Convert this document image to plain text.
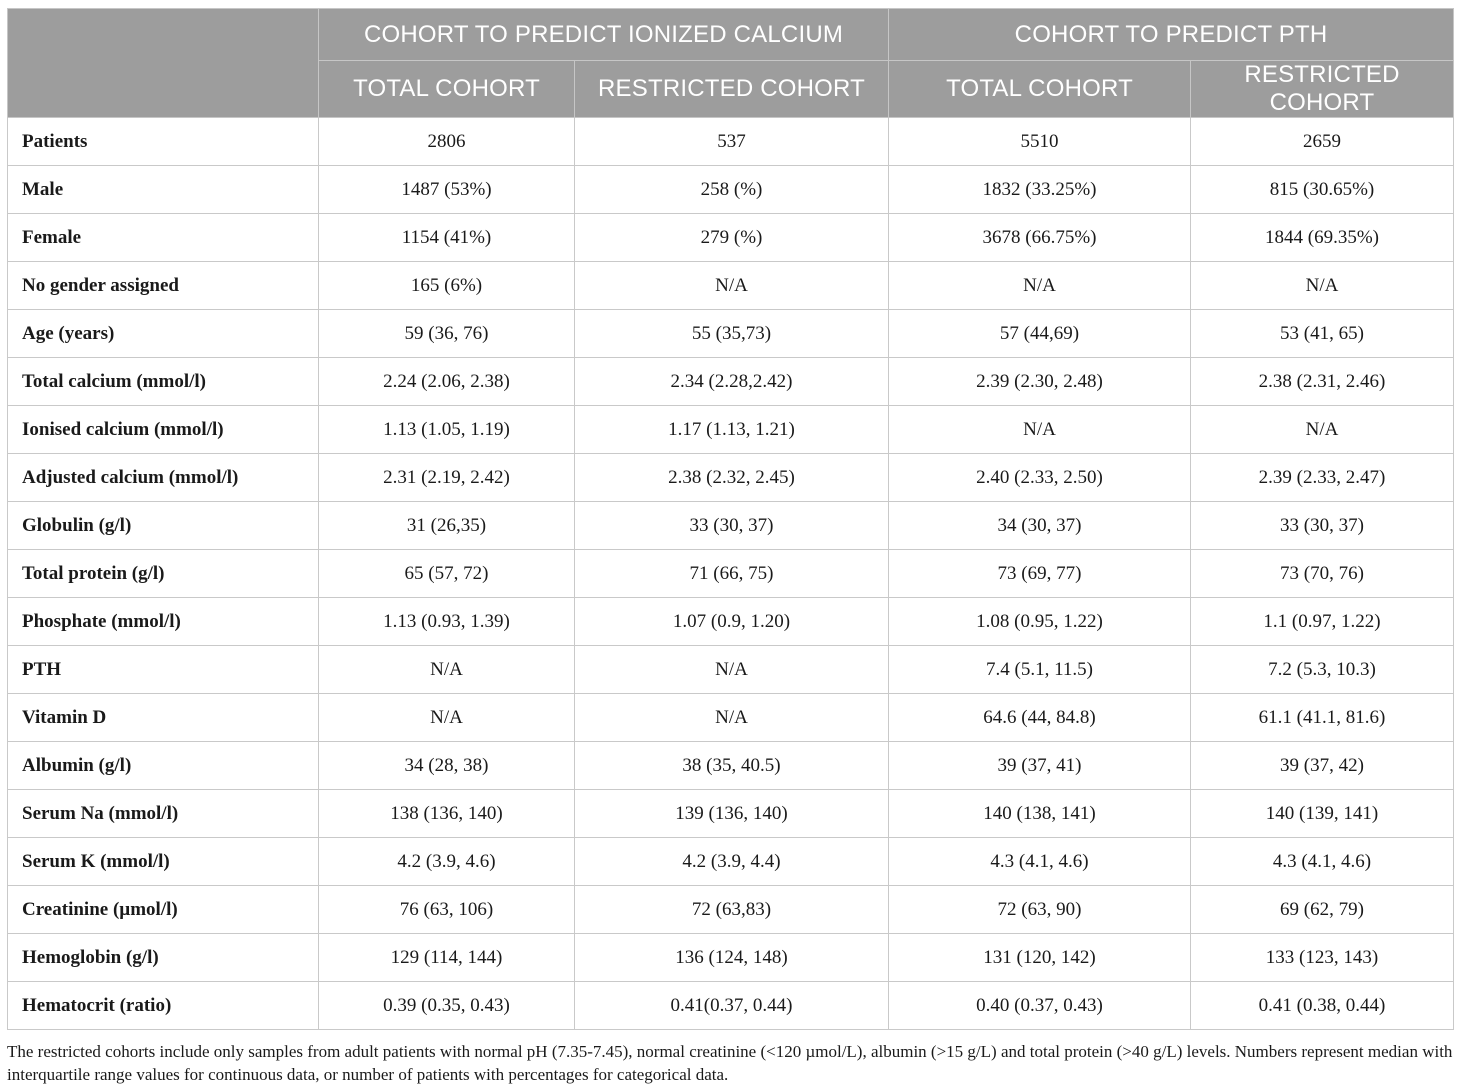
	COHORT TO PREDICT IONIZED CALCIUM		COHORT TO PREDICT PTH	
	TOTAL COHORT	RESTRICTED COHORT	TOTAL COHORT	RESTRICTED COHORT
Patients	2806	537	5510	2659
Male	1487 (53%)	258 (%)	1832 (33.25%)	815 (30.65%)
Female	1154 (41%)	279 (%)	3678 (66.75%)	1844 (69.35%)
No gender assigned	165 (6%)	N/A	N/A	N/A
Age (years)	59 (36, 76)	55 (35,73)	57 (44,69)	53 (41, 65)
Total calcium (mmol/l)	2.24 (2.06, 2.38)	2.34 (2.28,2.42)	2.39 (2.30, 2.48)	2.38 (2.31, 2.46)
Ionised calcium (mmol/l)	1.13 (1.05, 1.19)	1.17 (1.13, 1.21)	N/A	N/A
Adjusted calcium (mmol/l)	2.31 (2.19, 2.42)	2.38 (2.32, 2.45)	2.40 (2.33, 2.50)	2.39 (2.33, 2.47)
Globulin (g/l)	31 (26,35)	33 (30, 37)	34 (30, 37)	33 (30, 37)
Total protein (g/l)	65 (57, 72)	71 (66, 75)	73 (69, 77)	73 (70, 76)
Phosphate (mmol/l)	1.13 (0.93, 1.39)	1.07 (0.9, 1.20)	1.08 (0.95, 1.22)	1.1 (0.97, 1.22)
PTH	N/A	N/A	7.4 (5.1, 11.5)	7.2 (5.3, 10.3)
Vitamin D	N/A	N/A	64.6 (44, 84.8)	61.1 (41.1, 81.6)
Albumin (g/l)	34 (28, 38)	38 (35, 40.5)	39 (37, 41)	39 (37, 42)
Serum Na (mmol/l)	138 (136, 140)	139 (136, 140)	140 (138, 141)	140 (139, 141)
Serum K (mmol/l)	4.2 (3.9, 4.6)	4.2 (3.9, 4.4)	4.3 (4.1, 4.6)	4.3 (4.1, 4.6)
Creatinine (µmol/l)	76 (63, 106)	72 (63,83)	72 (63, 90)	69 (62, 79)
Hemoglobin (g/l)	129 (114, 144)	136 (124, 148)	131 (120, 142)	133 (123, 143)
Hematocrit (ratio)	0.39 (0.35, 0.43)	0.41(0.37, 0.44)	0.40 (0.37, 0.43)	0.41 (0.38, 0.44)

The restricted cohorts include only samples from adult patients with normal pH (7.35-7.45), normal creatinine (<120 µmol/L), albumin (>15 g/L) and total protein (>40 g/L) levels. Numbers represent median with interquartile range values for continuous data, or number of patients with percentages for categorical data.
